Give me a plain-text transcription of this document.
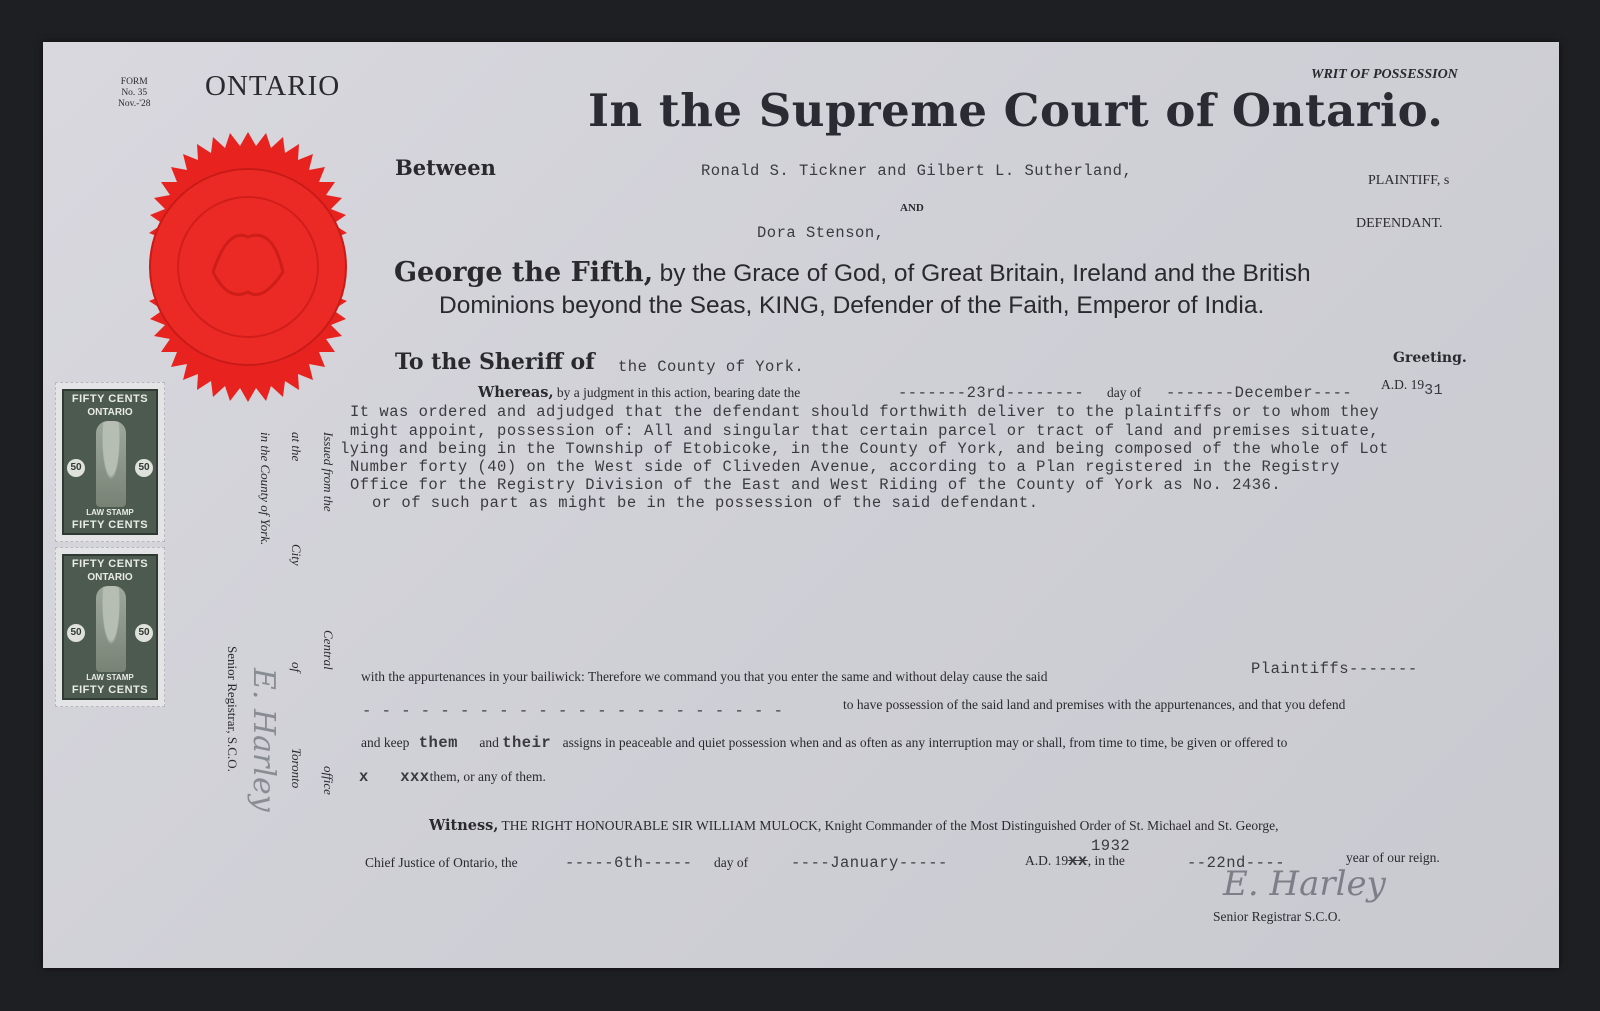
FORM
No. 35
Nov.-'28
ONTARIO	WRIT OF POSSESSION
In the Supreme Court of Ontario.
FIFTY CENTS
ONTARIO
50	50
LAW STAMP
FIFTY CENTS
FIFTY CENTS
ONTARIO
50	50
LAW STAMP
FIFTY CENTS
Between	Ronald S. Tickner and Gilbert L. Sutherland,
PLAINTIFF, s
AND
Dora Stenson,
DEFENDANT.
George the Fifth, by the Grace of God, of Great Britain, Ireland and the British
Dominions beyond the Seas, KING, Defender of the Faith, Emperor of India.
To the Sheriff of the County of York.	Greeting.
Whereas, by a judgment in this action, bearing date the	-------23rd-------- day of -------December---- A.D. 1931
It was ordered and adjudged that the defendant should forthwith deliver to the plaintiffs or to whom they
might appoint, possession of: All and singular that certain parcel or tract of land and premises situate,
lying and being in the Township of Etobicoke, in the County of York, and being composed of the whole of Lot
Number forty (40) on the West side of Cliveden Avenue, according to a Plan registered in the Registry
Office for the Registry Division of the East and West Riding of the County of York as No. 2436.
or of such part as might be in the possession of the said defendant.
Issued from the
Central
office
at the
City
of
Toronto
in the County of York.
E. Harley
Senior Registrar, S.C.O.	with the appurtenances in your bailiwick: Therefore we command you that you enter the same and without delay cause the said	Plaintiffs-------
- - - - - - - - - - - - - - - - - - - - - -	to have possession of the said land and premises with the appurtenances, and that you defend
and keep them and their assigns in peaceable and quiet possession when and as often as any interruption may or shall, from time to time, be given or offered to
x xxxthem, or any of them.
Witness, THE RIGHT HONOURABLE SIR WILLIAM MULOCK, Knight Commander of the Most Distinguished Order of St. Michael and St. George,
Chief Justice of Ontario, the	-----6th----- day of	----January-----	A.D. 19xx, in the
1932
--22nd----	year of our reign.
E. Harley
Senior Registrar S.C.O.
